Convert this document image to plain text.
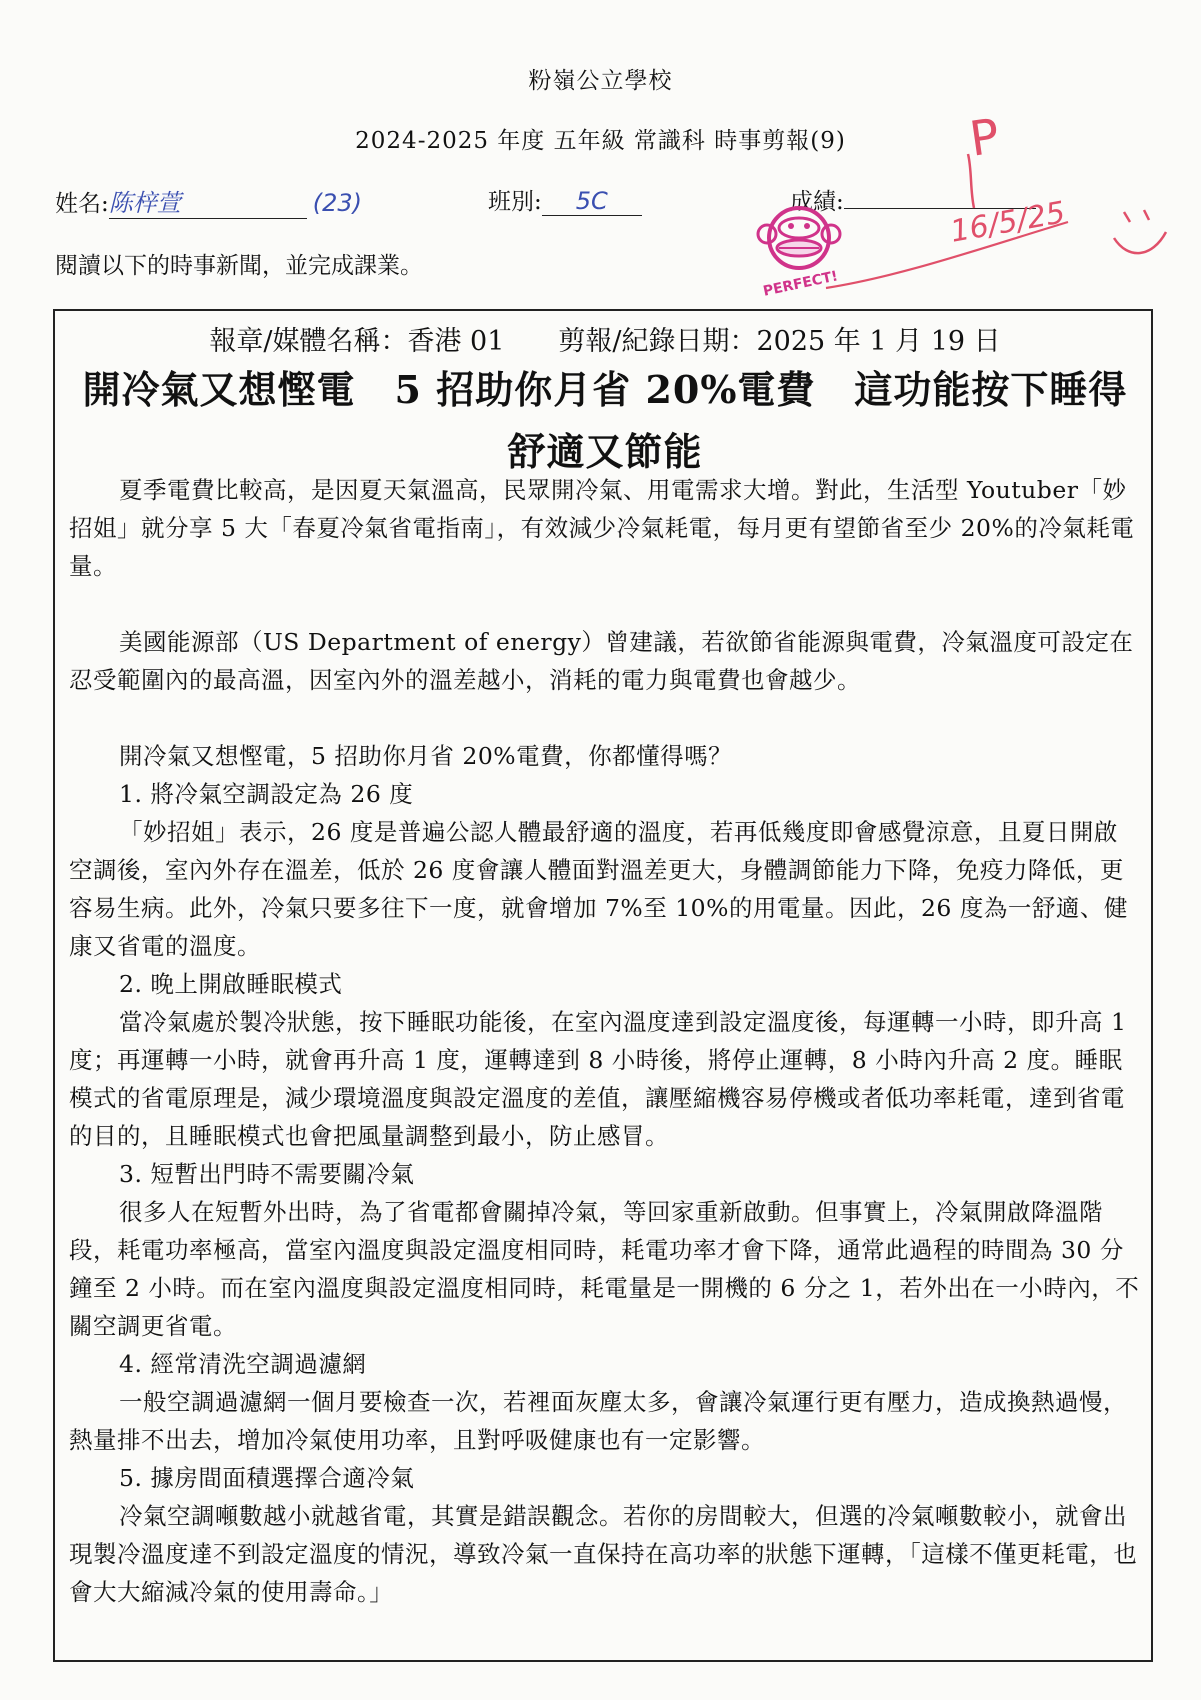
粉嶺公立學校
2024-2025 年度 五年級 常識科 時事剪報(9)
姓名:陈梓萱	(23)	班別: 5C	成績:
P
16/5/25
PERFECT!
閱讀以下的時事新聞，並完成課業。
報章/媒體名稱：香港 01　　剪報/紀錄日期：2025 年 1 月 19 日
開冷氣又想慳電　5 招助你月省 20%電費　這功能按下睡得舒適又節能

夏季電費比較高，是因夏天氣溫高，民眾開冷氣、用電需求大增。對此，生活型 Youtuber「妙招姐」就分享 5 大「春夏冷氣省電指南」，有效減少冷氣耗電，每月更有望節省至少 20%的冷氣耗電量。

美國能源部（US Department of energy）曾建議，若欲節省能源與電費，冷氣溫度可設定在忍受範圍內的最高溫，因室內外的溫差越小，消耗的電力與電費也會越少。

開冷氣又想慳電，5 招助你月省 20%電費，你都懂得嗎？

1. 將冷氣空調設定為 26 度

「妙招姐」表示，26 度是普遍公認人體最舒適的溫度，若再低幾度即會感覺涼意，且夏日開啟空調後，室內外存在溫差，低於 26 度會讓人體面對溫差更大，身體調節能力下降，免疫力降低，更容易生病。此外，冷氣只要多往下一度，就會增加 7%至 10%的用電量。因此，26 度為一舒適、健康又省電的溫度。

2. 晚上開啟睡眠模式

當冷氣處於製冷狀態，按下睡眠功能後，在室內溫度達到設定溫度後，每運轉一小時，即升高 1 度；再運轉一小時，就會再升高 1 度，運轉達到 8 小時後，將停止運轉，8 小時內升高 2 度。睡眠模式的省電原理是，減少環境溫度與設定溫度的差值，讓壓縮機容易停機或者低功率耗電，達到省電的目的，且睡眠模式也會把風量調整到最小，防止感冒。

3. 短暫出門時不需要關冷氣

很多人在短暫外出時，為了省電都會關掉冷氣，等回家重新啟動。但事實上，冷氣開啟降溫階段，耗電功率極高，當室內溫度與設定溫度相同時，耗電功率才會下降，通常此過程的時間為 30 分鐘至 2 小時。而在室內溫度與設定溫度相同時，耗電量是一開機的 6 分之 1，若外出在一小時內，不關空調更省電。

4. 經常清洗空調過濾網

一般空調過濾網一個月要檢查一次，若裡面灰塵太多，會讓冷氣運行更有壓力，造成換熱過慢，熱量排不出去，增加冷氣使用功率，且對呼吸健康也有一定影響。

5. 據房間面積選擇合適冷氣

冷氣空調噸數越小就越省電，其實是錯誤觀念。若你的房間較大，但選的冷氣噸數較小，就會出現製冷溫度達不到設定溫度的情況，導致冷氣一直保持在高功率的狀態下運轉，「這樣不僅更耗電，也會大大縮減冷氣的使用壽命。」
